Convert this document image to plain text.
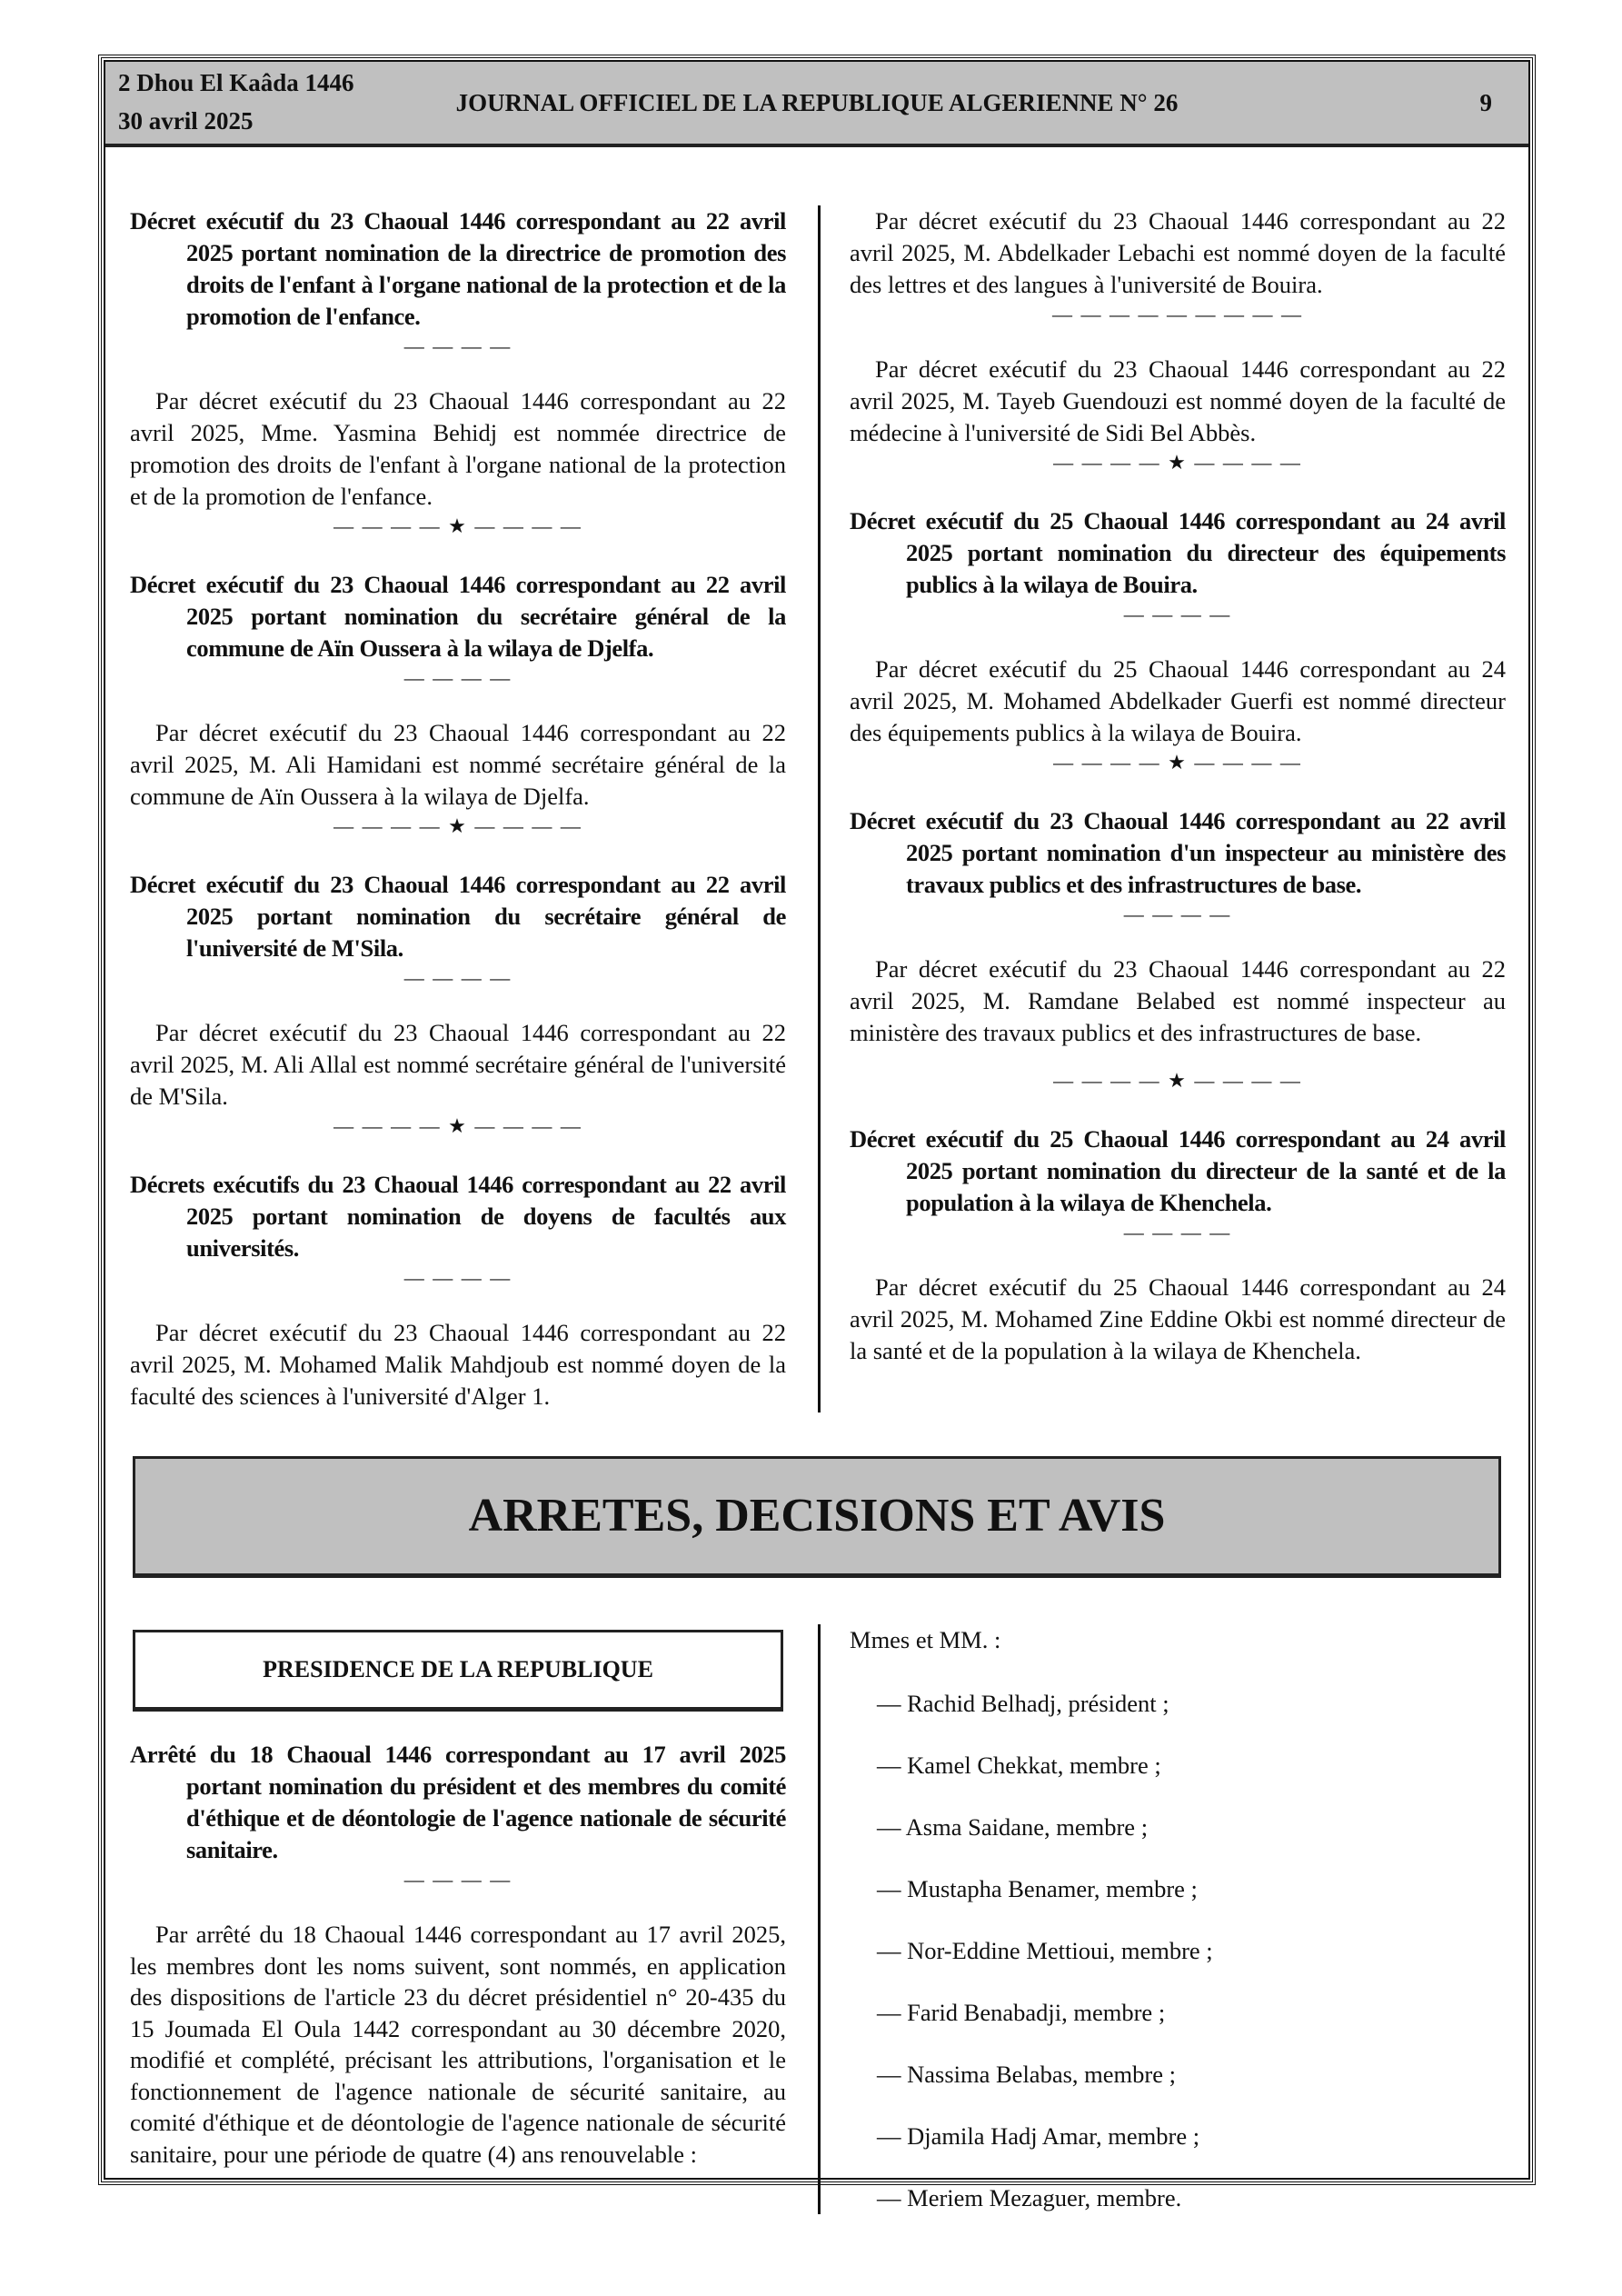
2 Dhou El Kaâda 1446
30 avril 2025
JOURNAL OFFICIEL DE LA REPUBLIQUE ALGERIENNE N° 26	9
Décret exécutif du 23 Chaoual 1446 correspondant au 22 avril 2025 portant nomination de la directrice de promotion des droits de l'enfant à l'organe national de la protection et de la promotion de l'enfance.
— — — —
Par décret exécutif du 23 Chaoual 1446 correspondant au 22 avril 2025, Mme. Yasmina Behidj est nommée directrice de promotion des droits de l'enfant à l'organe national de la protection et de la promotion de l'enfance.
— — — — ★ — — — —
Décret exécutif du 23 Chaoual 1446 correspondant au 22 avril 2025 portant nomination du secrétaire général de la commune de Aïn Oussera à la wilaya de Djelfa.
— — — —
Par décret exécutif du 23 Chaoual 1446 correspondant au 22 avril 2025, M. Ali Hamidani est nommé secrétaire général de la commune de Aïn Oussera à la wilaya de Djelfa.
— — — — ★ — — — —
Décret exécutif du 23 Chaoual 1446 correspondant au 22 avril 2025 portant nomination du secrétaire général de l'université de M'Sila.
— — — —
Par décret exécutif du 23 Chaoual 1446 correspondant au 22 avril 2025, M. Ali Allal est nommé secrétaire général de l'université de M'Sila.
— — — — ★ — — — —
Décrets exécutifs du 23 Chaoual 1446 correspondant au 22 avril 2025 portant nomination de doyens de facultés aux universités.
— — — —
Par décret exécutif du 23 Chaoual 1446 correspondant au 22 avril 2025, M. Mohamed Malik Mahdjoub est nommé doyen de la faculté des sciences à l'université d'Alger 1.
Par décret exécutif du 23 Chaoual 1446 correspondant au 22 avril 2025, M. Abdelkader Lebachi est nommé doyen de la faculté des lettres et des langues à l'université de Bouira.
— — — — — — — — —
Par décret exécutif du 23 Chaoual 1446 correspondant au 22 avril 2025, M. Tayeb Guendouzi est nommé doyen de la faculté de médecine à l'université de Sidi Bel Abbès.
— — — — ★ — — — —
Décret exécutif du 25 Chaoual 1446 correspondant au 24 avril 2025 portant nomination du directeur des équipements publics à la wilaya de Bouira.
— — — —
Par décret exécutif du 25 Chaoual 1446 correspondant au 24 avril 2025, M. Mohamed Abdelkader Guerfi est nommé directeur des équipements publics à la wilaya de Bouira.
— — — — ★ — — — —
Décret exécutif du 23 Chaoual 1446 correspondant au 22 avril 2025 portant nomination d'un inspecteur au ministère des travaux publics et des infrastructures de base.
— — — —
Par décret exécutif du 23 Chaoual 1446 correspondant au 22 avril 2025, M. Ramdane Belabed est nommé inspecteur au ministère des travaux publics et des infrastructures de base.
— — — — ★ — — — —
Décret exécutif du 25 Chaoual 1446 correspondant au 24 avril 2025 portant nomination du directeur de la santé et de la population à la wilaya de Khenchela.
— — — —
Par décret exécutif du 25 Chaoual 1446 correspondant au 24 avril 2025, M. Mohamed Zine Eddine Okbi est nommé directeur de la santé et de la population à la wilaya de Khenchela.
ARRETES, DECISIONS ET AVIS
PRESIDENCE DE LA REPUBLIQUE
Arrêté du 18 Chaoual 1446 correspondant au 17 avril 2025 portant nomination du président et des membres du comité d'éthique et de déontologie de l'agence nationale de sécurité sanitaire.
— — — —
Par arrêté du 18 Chaoual 1446 correspondant au 17 avril 2025, les membres dont les noms suivent, sont nommés, en application des dispositions de l'article 23 du décret présidentiel n° 20-435 du 15 Joumada El Oula 1442 correspondant au 30 décembre 2020, modifié et complété, précisant les attributions, l'organisation et le fonctionnement de l'agence nationale de sécurité sanitaire, au comité d'éthique et de déontologie de l'agence nationale de sécurité sanitaire, pour une période de quatre (4) ans renouvelable :
Mmes et MM. :
— Rachid Belhadj, président ;
— Kamel Chekkat, membre ;
— Asma Saidane, membre ;
— Mustapha Benamer, membre ;
— Nor-Eddine Mettioui, membre ;
— Farid Benabadji, membre ;
— Nassima Belabas, membre ;
— Djamila Hadj Amar, membre ;
— Meriem Mezaguer, membre.
